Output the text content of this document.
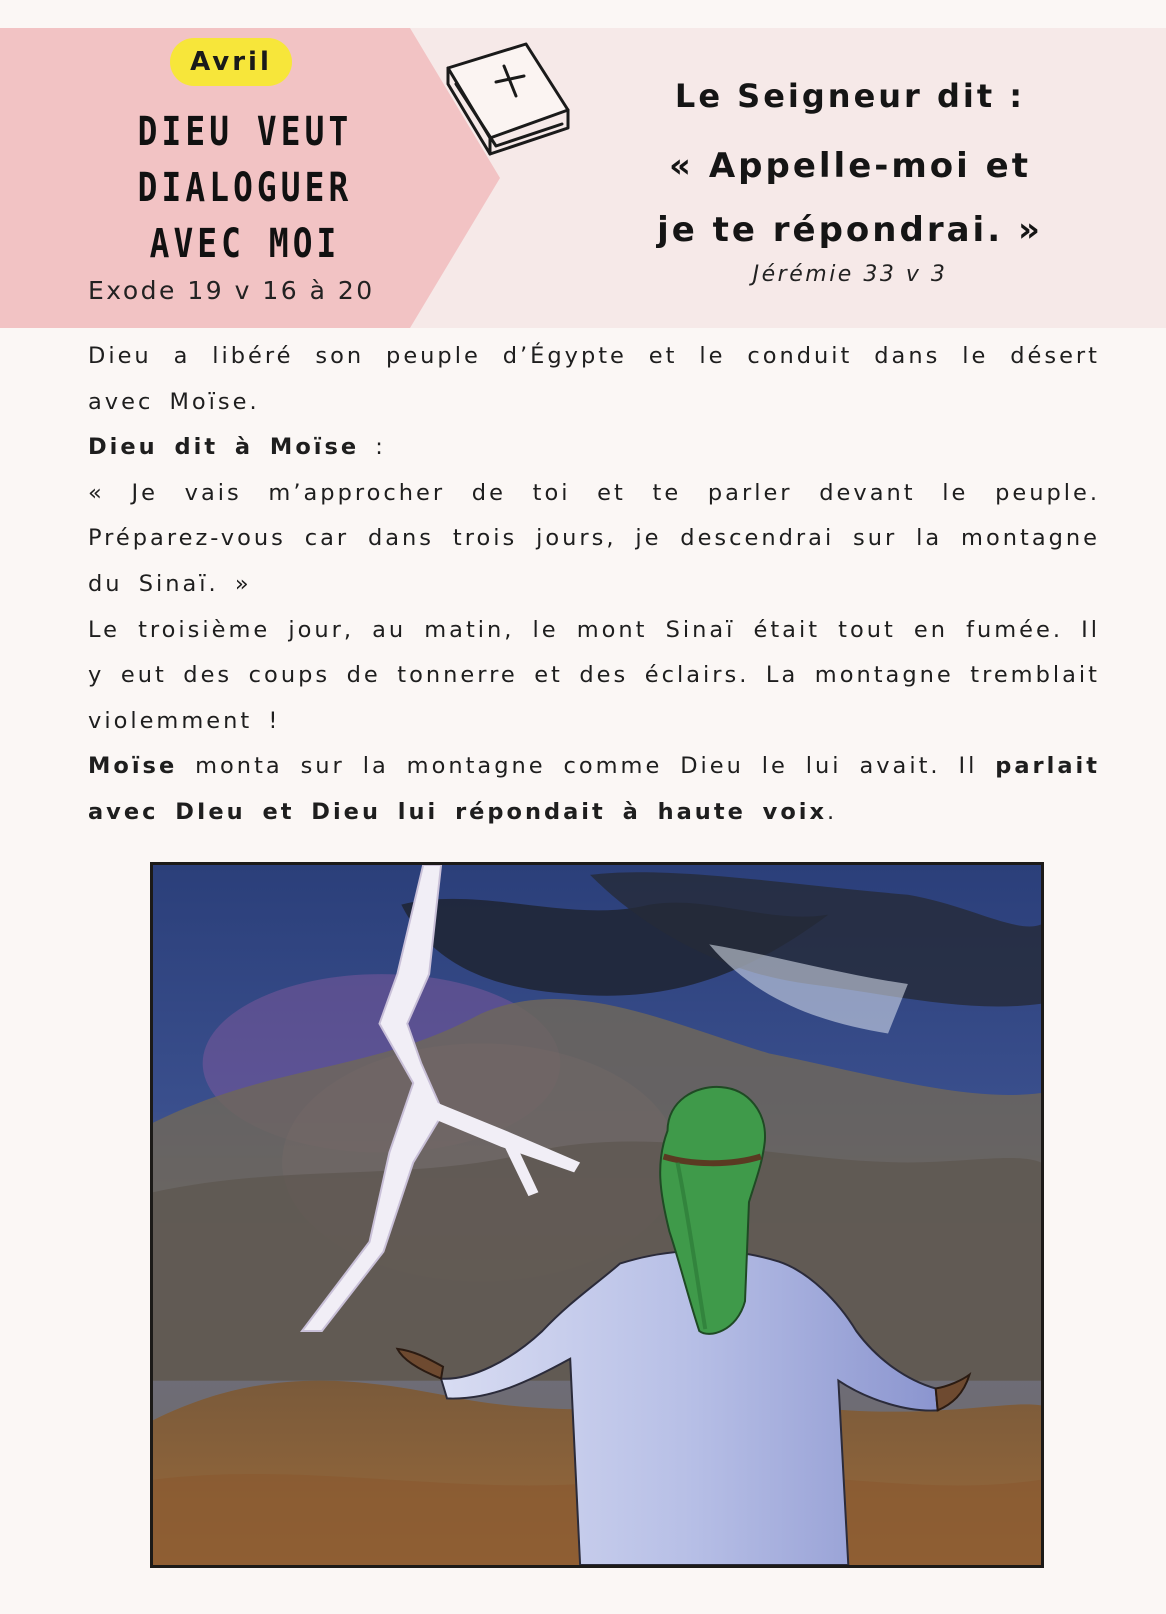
Avril
DIEU VEUT
DIALOGUER
AVEC MOI
Exode 19 v 16 à 20
Le Seigneur dit :
« Appelle-moi et
je te répondrai. »
Jérémie 33 v 3

Dieu a libéré son peuple d’Égypte et le conduit dans le désert avec Moïse.

Dieu dit à Moïse :

« Je vais m’approcher de toi et te parler devant le peuple. Préparez-vous car dans trois jours, je descendrai sur la montagne du Sinaï. »

Le troisième jour, au matin, le mont Sinaï était tout en fumée. Il y eut des coups de tonnerre et des éclairs. La montagne tremblait violemment !

Moïse monta sur la montagne comme Dieu le lui avait. Il parlait avec DIeu et Dieu lui répondait à haute voix.
